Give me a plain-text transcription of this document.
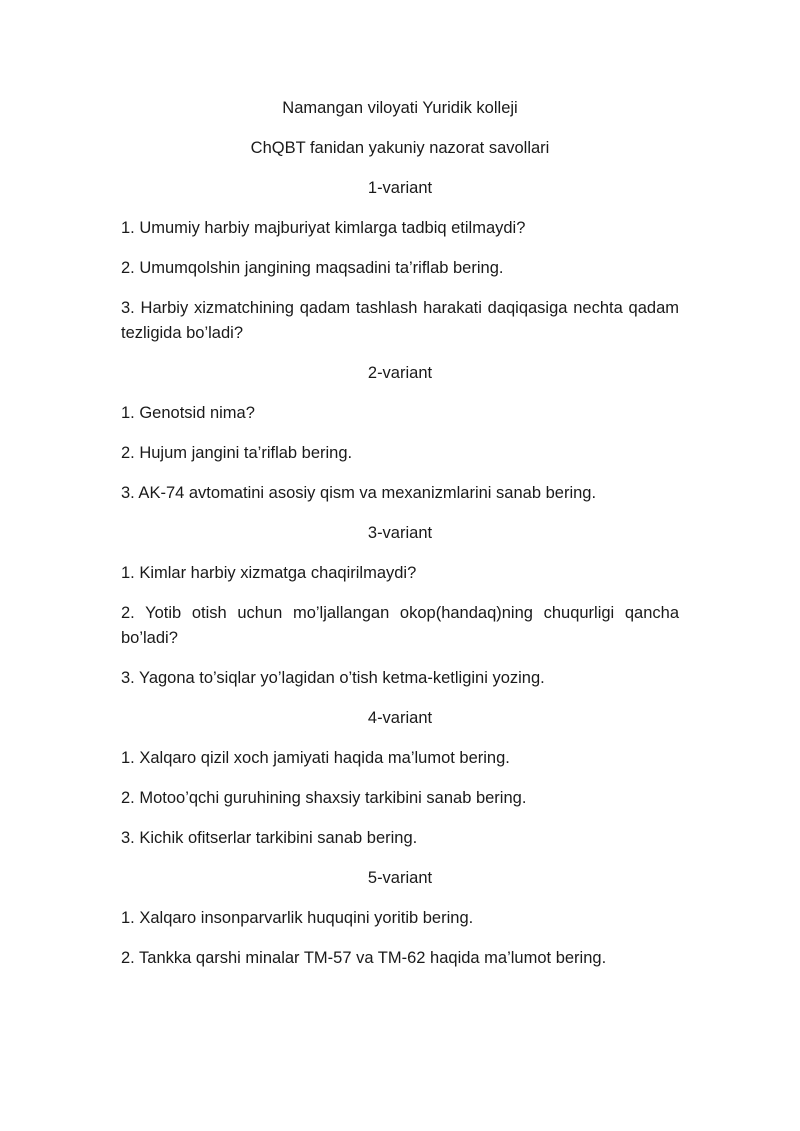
Namangan viloyati Yuridik kolleji

ChQBT fanidan yakuniy nazorat savollari

1-variant

1. Umumiy harbiy majburiyat kimlarga tadbiq etilmaydi?

2. Umumqolshin jangining maqsadini ta’riflab bering.

3. Harbiy xizmatchining qadam tashlash harakati daqiqasiga nechta qadam tezligida bo’ladi?

2-variant

1. Genotsid nima?

2. Hujum jangini ta’riflab bering.

3. AK-74 avtomatini asosiy qism va mexanizmlarini sanab bering.

3-variant

1. Kimlar harbiy xizmatga chaqirilmaydi?

2. Yotib otish uchun mo’ljallangan okop(handaq)ning chuqurligi qancha bo’ladi?

3. Yagona to’siqlar yo’lagidan o’tish ketma-ketligini yozing.

4-variant

1. Xalqaro qizil xoch jamiyati haqida ma’lumot bering.

2. Motoo’qchi guruhining shaxsiy tarkibini sanab bering.

3. Kichik ofitserlar tarkibini sanab bering.

5-variant

1. Xalqaro insonparvarlik huquqini yoritib bering.

2. Tankka qarshi minalar TM-57 va TM-62 haqida ma’lumot bering.
